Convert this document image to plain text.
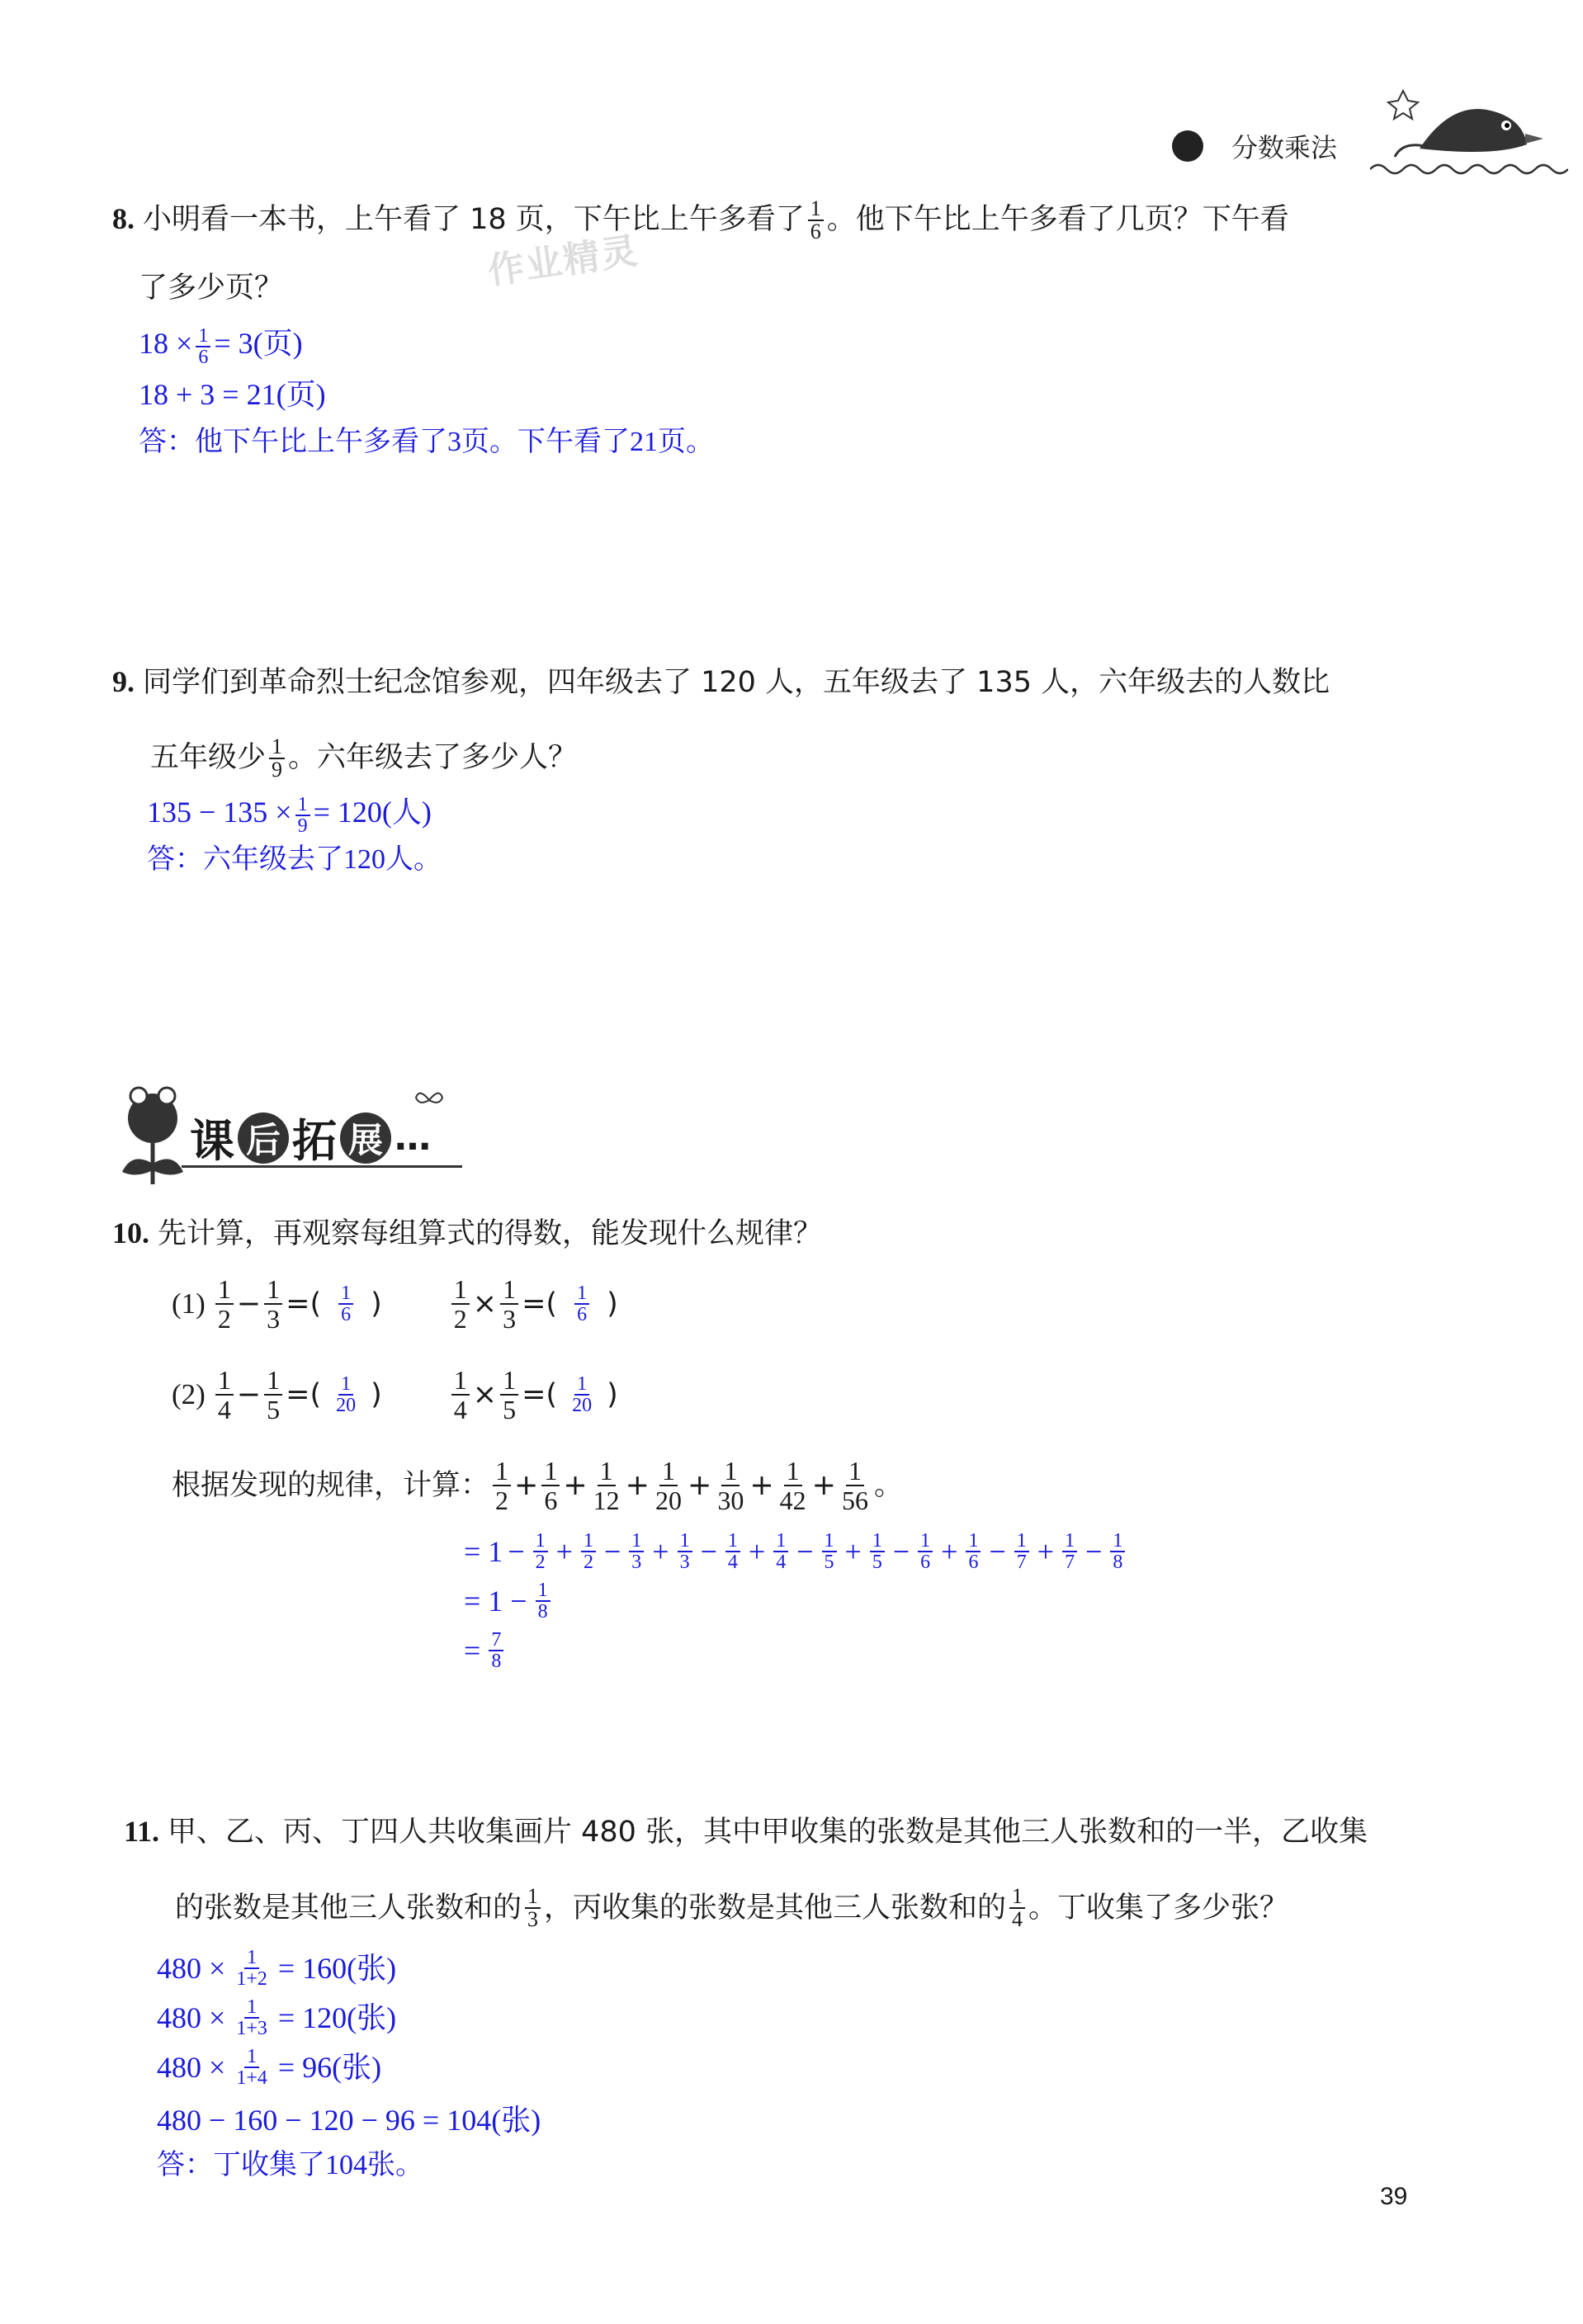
分数乘法
8. 小明看一本书，上午看了 18 页，下午比上午多看了 $\frac{1}{6}$ 。他下午比上午多看了几页？下午看
了多少页？	作业精灵
$18 \times \frac{1}{6} = 3$(页)
18 + 3 = 21(页)
答：他下午比上午多看了3页。下午看了21页。
9. 同学们到革命烈士纪念馆参观，四年级去了 120 人，五年级去了 135 人，六年级去的人数比
五年级少 $\frac{1}{9}$ 。六年级去了多少人？
$135 - 135 \times \frac{1}{9} = 120$(人)
答：六年级去了120人。
课 后 拓 展 …
10. 先计算，再观察每组算式的得数，能发现什么规律？
$(1) \frac{1}{2} - \frac{1}{3}$ =( $\frac{1}{6}$ )	$\frac{1}{2} \times \frac{1}{3}$ =( $\frac{1}{6}$ )
$(2) \frac{1}{4} - \frac{1}{5}$ =( $\frac{1}{20}$ )	$\frac{1}{4} \times \frac{1}{5}$ =( $\frac{1}{20}$ )
根据发现的规律，计算： $\frac{1}{2} + \frac{1}{6} + \frac{1}{12} + \frac{1}{20} + \frac{1}{30} + \frac{1}{42} + \frac{1}{56}$ 。
= $1 - \frac{1}{2} + \frac{1}{2} - \frac{1}{3} + \frac{1}{3} - \frac{1}{4} + \frac{1}{4} - \frac{1}{5} + \frac{1}{5} - \frac{1}{6} + \frac{1}{6} - \frac{1}{7} + \frac{1}{7} - \frac{1}{8}$
= $1 - \frac{1}{8}$
= $\frac{7}{8}$
11. 甲、乙、丙、丁四人共收集画片 480 张，其中甲收集的张数是其他三人张数和的一半，乙收集
的张数是其他三人张数和的 $\frac{1}{3}$ ，丙收集的张数是其他三人张数和的 $\frac{1}{4}$ 。丁收集了多少张？
$480 \times \frac{1}{1+2} = 160$(张)
$480 \times \frac{1}{1+3} = 120$(张)
$480 \times \frac{1}{1+4} = 96$(张)
480 − 160 − 120 − 96 = 104(张)
答：丁收集了104张。
39
